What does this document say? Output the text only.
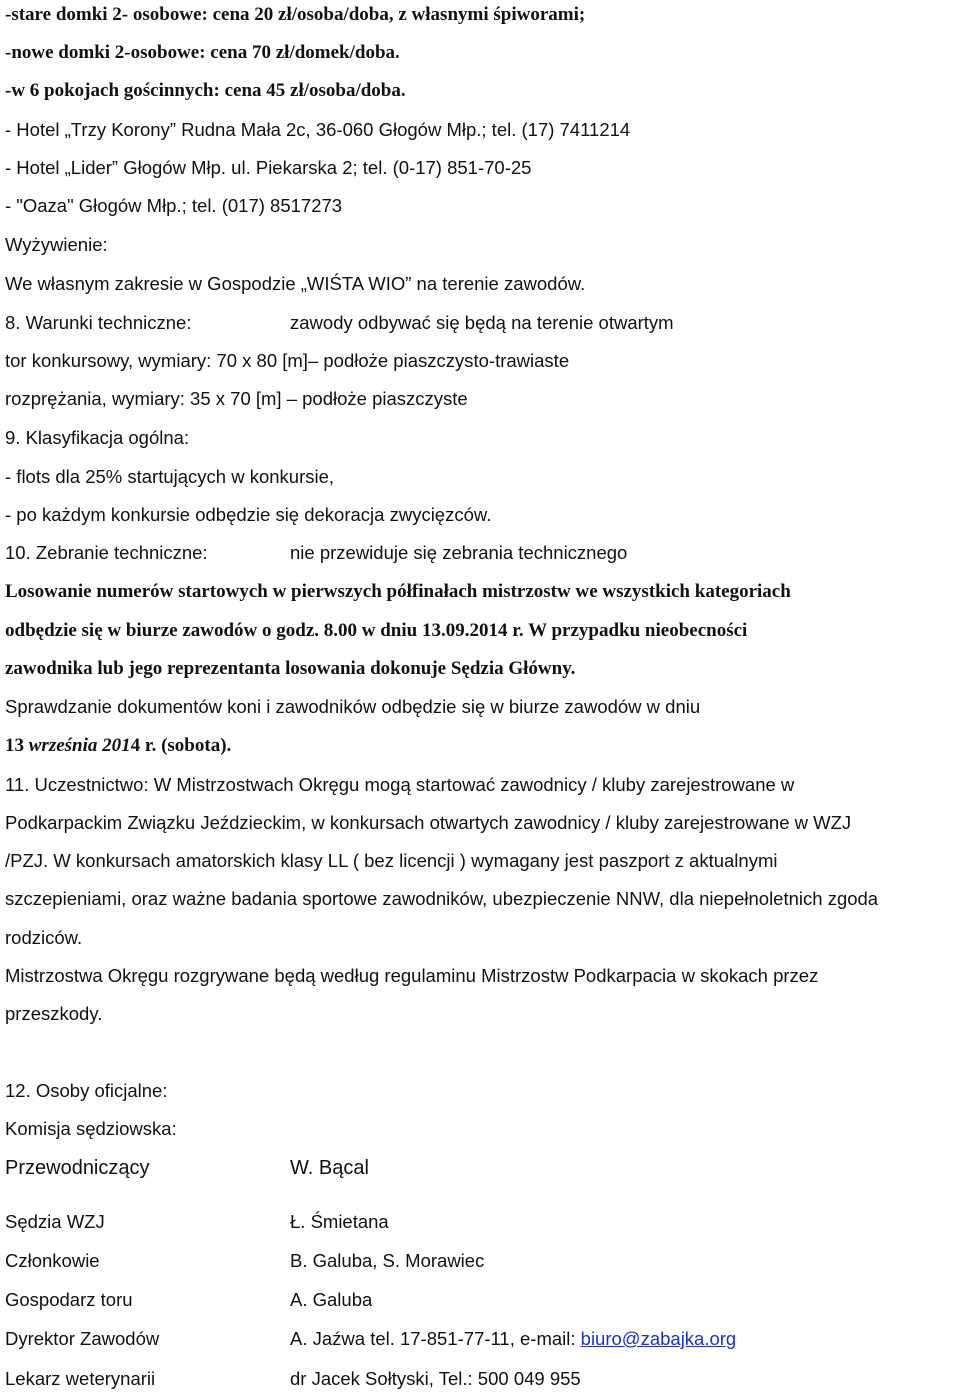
-stare domki 2- osobowe: cena 20 zł/osoba/doba, z własnymi śpiworami;
-nowe domki 2-osobowe: cena 70 zł/domek/doba.
-w 6 pokojach gościnnych: cena 45 zł/osoba/doba.
- Hotel „Trzy Korony” Rudna Mała 2c, 36-060 Głogów Młp.; tel. (17) 7411214
- Hotel „Lider” Głogów Młp. ul. Piekarska 2; tel. (0-17) 851-70-25
- "Oaza" Głogów Młp.; tel. (017) 8517273
Wyżywienie:
We własnym zakresie w Gospodzie „WIŚTA WIO” na terenie zawodów.
8. Warunki techniczne:	zawody odbywać się będą na terenie otwartym
tor konkursowy, wymiary: 70 x 80 [m]– podłoże piaszczysto-trawiaste
rozprężania, wymiary: 35 x 70 [m] – podłoże piaszczyste
9. Klasyfikacja ogólna:
- flots dla 25% startujących w konkursie,
- po każdym konkursie odbędzie się dekoracja zwycięzców.
10. Zebranie techniczne:	nie przewiduje się zebrania technicznego
Losowanie numerów startowych w pierwszych półfinałach mistrzostw we wszystkich kategoriach
odbędzie się w biurze zawodów o godz. 8.00 w dniu 13.09.2014 r. W przypadku nieobecności
zawodnika lub jego reprezentanta losowania dokonuje Sędzia Główny.
Sprawdzanie dokumentów koni i zawodników odbędzie się w biurze zawodów w dniu
13 września 2014 r. (sobota).
11. Uczestnictwo: W Mistrzostwach Okręgu mogą startować zawodnicy / kluby zarejestrowane w
Podkarpackim Związku Jeździeckim, w konkursach otwartych zawodnicy / kluby zarejestrowane w WZJ
/PZJ. W konkursach amatorskich klasy LL ( bez licencji ) wymagany jest paszport z aktualnymi
szczepieniami, oraz ważne badania sportowe zawodników, ubezpieczenie NNW, dla niepełnoletnich zgoda
rodziców.
Mistrzostwa Okręgu rozgrywane będą według regulaminu Mistrzostw Podkarpacia w skokach przez
przeszkody.
12. Osoby oficjalne:
Komisja sędziowska:
Przewodniczący	W. Bącal
Sędzia WZJ	Ł. Śmietana
Członkowie	B. Galuba, S. Morawiec
Gospodarz toru	A. Galuba
Dyrektor Zawodów	A. Jaźwa tel. 17-851-77-11, e-mail: biuro@zabajka.org
Lekarz weterynarii	dr Jacek Sołtyski, Tel.: 500 049 955
